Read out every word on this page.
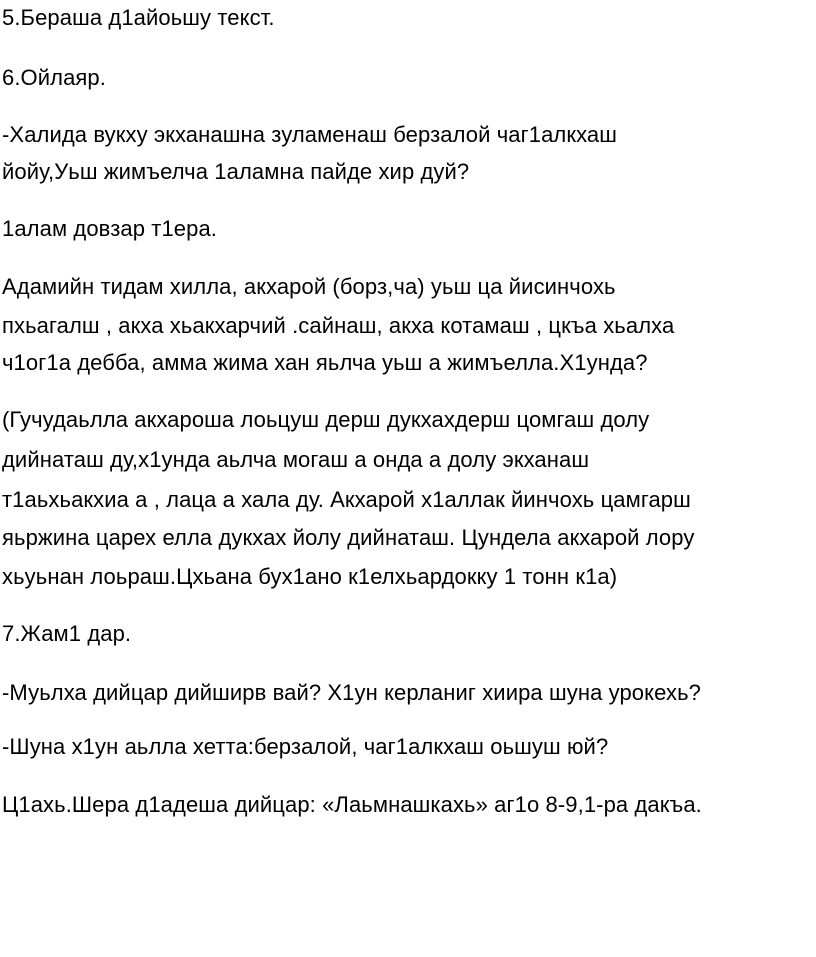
5.Бераша д1айоьшу текст.

6.Ойлаяр.

-Халида вукху экханашна зуламенаш берзалой чаг1алкхаш

йойу,Уьш жимъелча 1аламна пайде хир дуй?

1алам довзар т1ера.

Адамийн тидам хилла, акхарой (борз,ча) уьш ца йисинчохь

пхьагалш , акха хьакхарчий .сайнаш, акха котамаш , цкъа хьалха

ч1ог1а дебба, амма жима хан яьлча уьш а жимъелла.Х1унда?

(Гучудаьлла акхароша лоьцуш дерш дукхахдерш цомгаш долу

дийнаташ ду,х1унда аьлча могаш а онда а долу экханаш

т1аьхьакхиа а , лаца а хала ду. Акхарой х1аллак йинчохь цамгарш

яьржина царех елла дукхах йолу дийнаташ. Цундела акхарой лору

хьуьнан лоьраш.Цхьана бух1ано к1елхьардокку 1 тонн к1а)

7.Жам1 дар.

-Муьлха дийцар дийширв вай? Х1ун керланиг хиира шуна урокехь?

-Шуна х1ун аьлла хетта:берзалой, чаг1алкхаш оьшуш юй?

Ц1ахь.Шера д1адеша дийцар: «Лаьмнашкахь» аг1о 8-9,1-ра дакъа.
